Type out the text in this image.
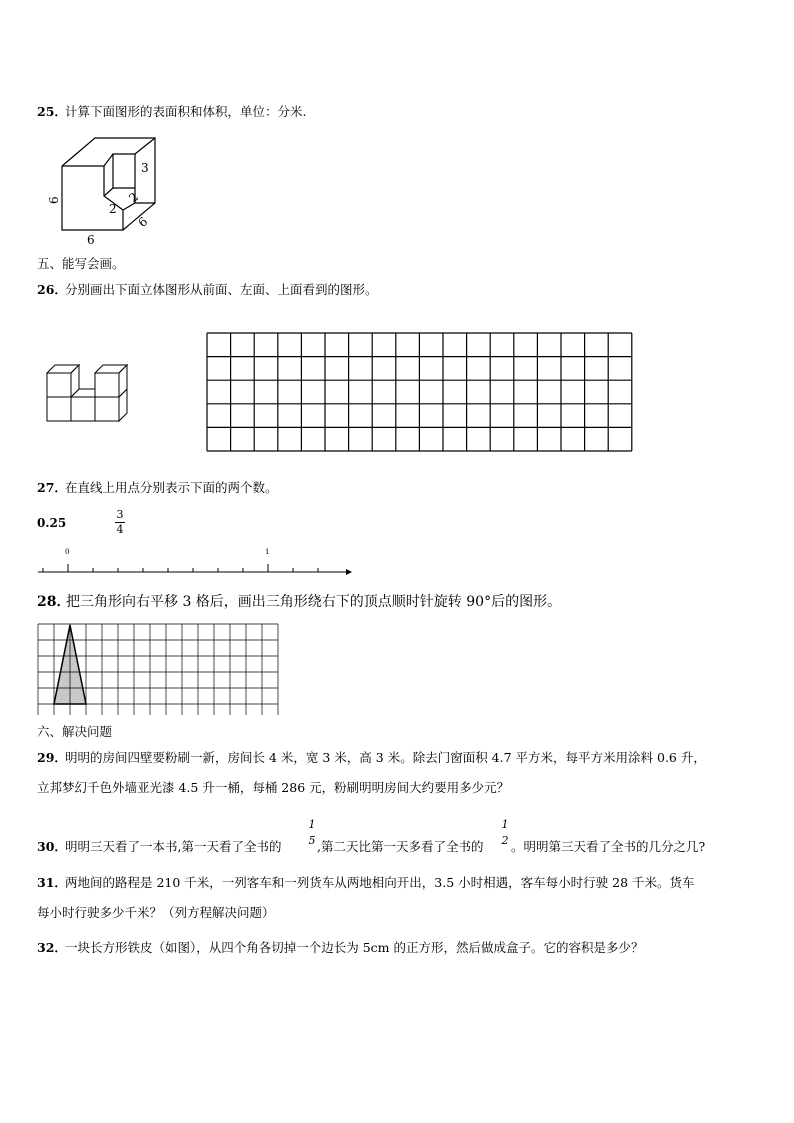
25．
计算下面图形的表面积和体积，单位：分米.
3
2
2
6
6
6
五、能写会画。
26．
分别画出下面立体图形从前面、左面、上面看到的图形。
27．
在直线上用点分别表示下面的两个数。
0.25
3
4
0	1
28．
把三角形向右平移 3 格后，画出三角形绕右下的顶点顺时针旋转 90°后的图形。
六、解决问题
29．
明明的房间四壁要粉刷一新，房间长 4 米，宽 3 米，高 3 米。除去门窗面积 4.7 平方米，每平方米用涂料 0.6 升，
立邦梦幻千色外墙亚光漆 4.5 升一桶，每桶 286 元，粉刷明明房间大约要用多少元？
30．
明明三天看了一本书,第一天看了全书的
1
5 ,第二天比第一天多看了全书的
1
2 。明明第三天看了全书的几分之几?
31．
两地间的路程是 210 千米，一列客车和一列货车从两地相向开出，3.5 小时相遇，客车每小时行驶 28 千米。货车
每小时行驶多少千米？（列方程解决问题）
32．
一块长方形铁皮（如图），从四个角各切掉一个边长为 5cm 的正方形，然后做成盒子。它的容积是多少？
